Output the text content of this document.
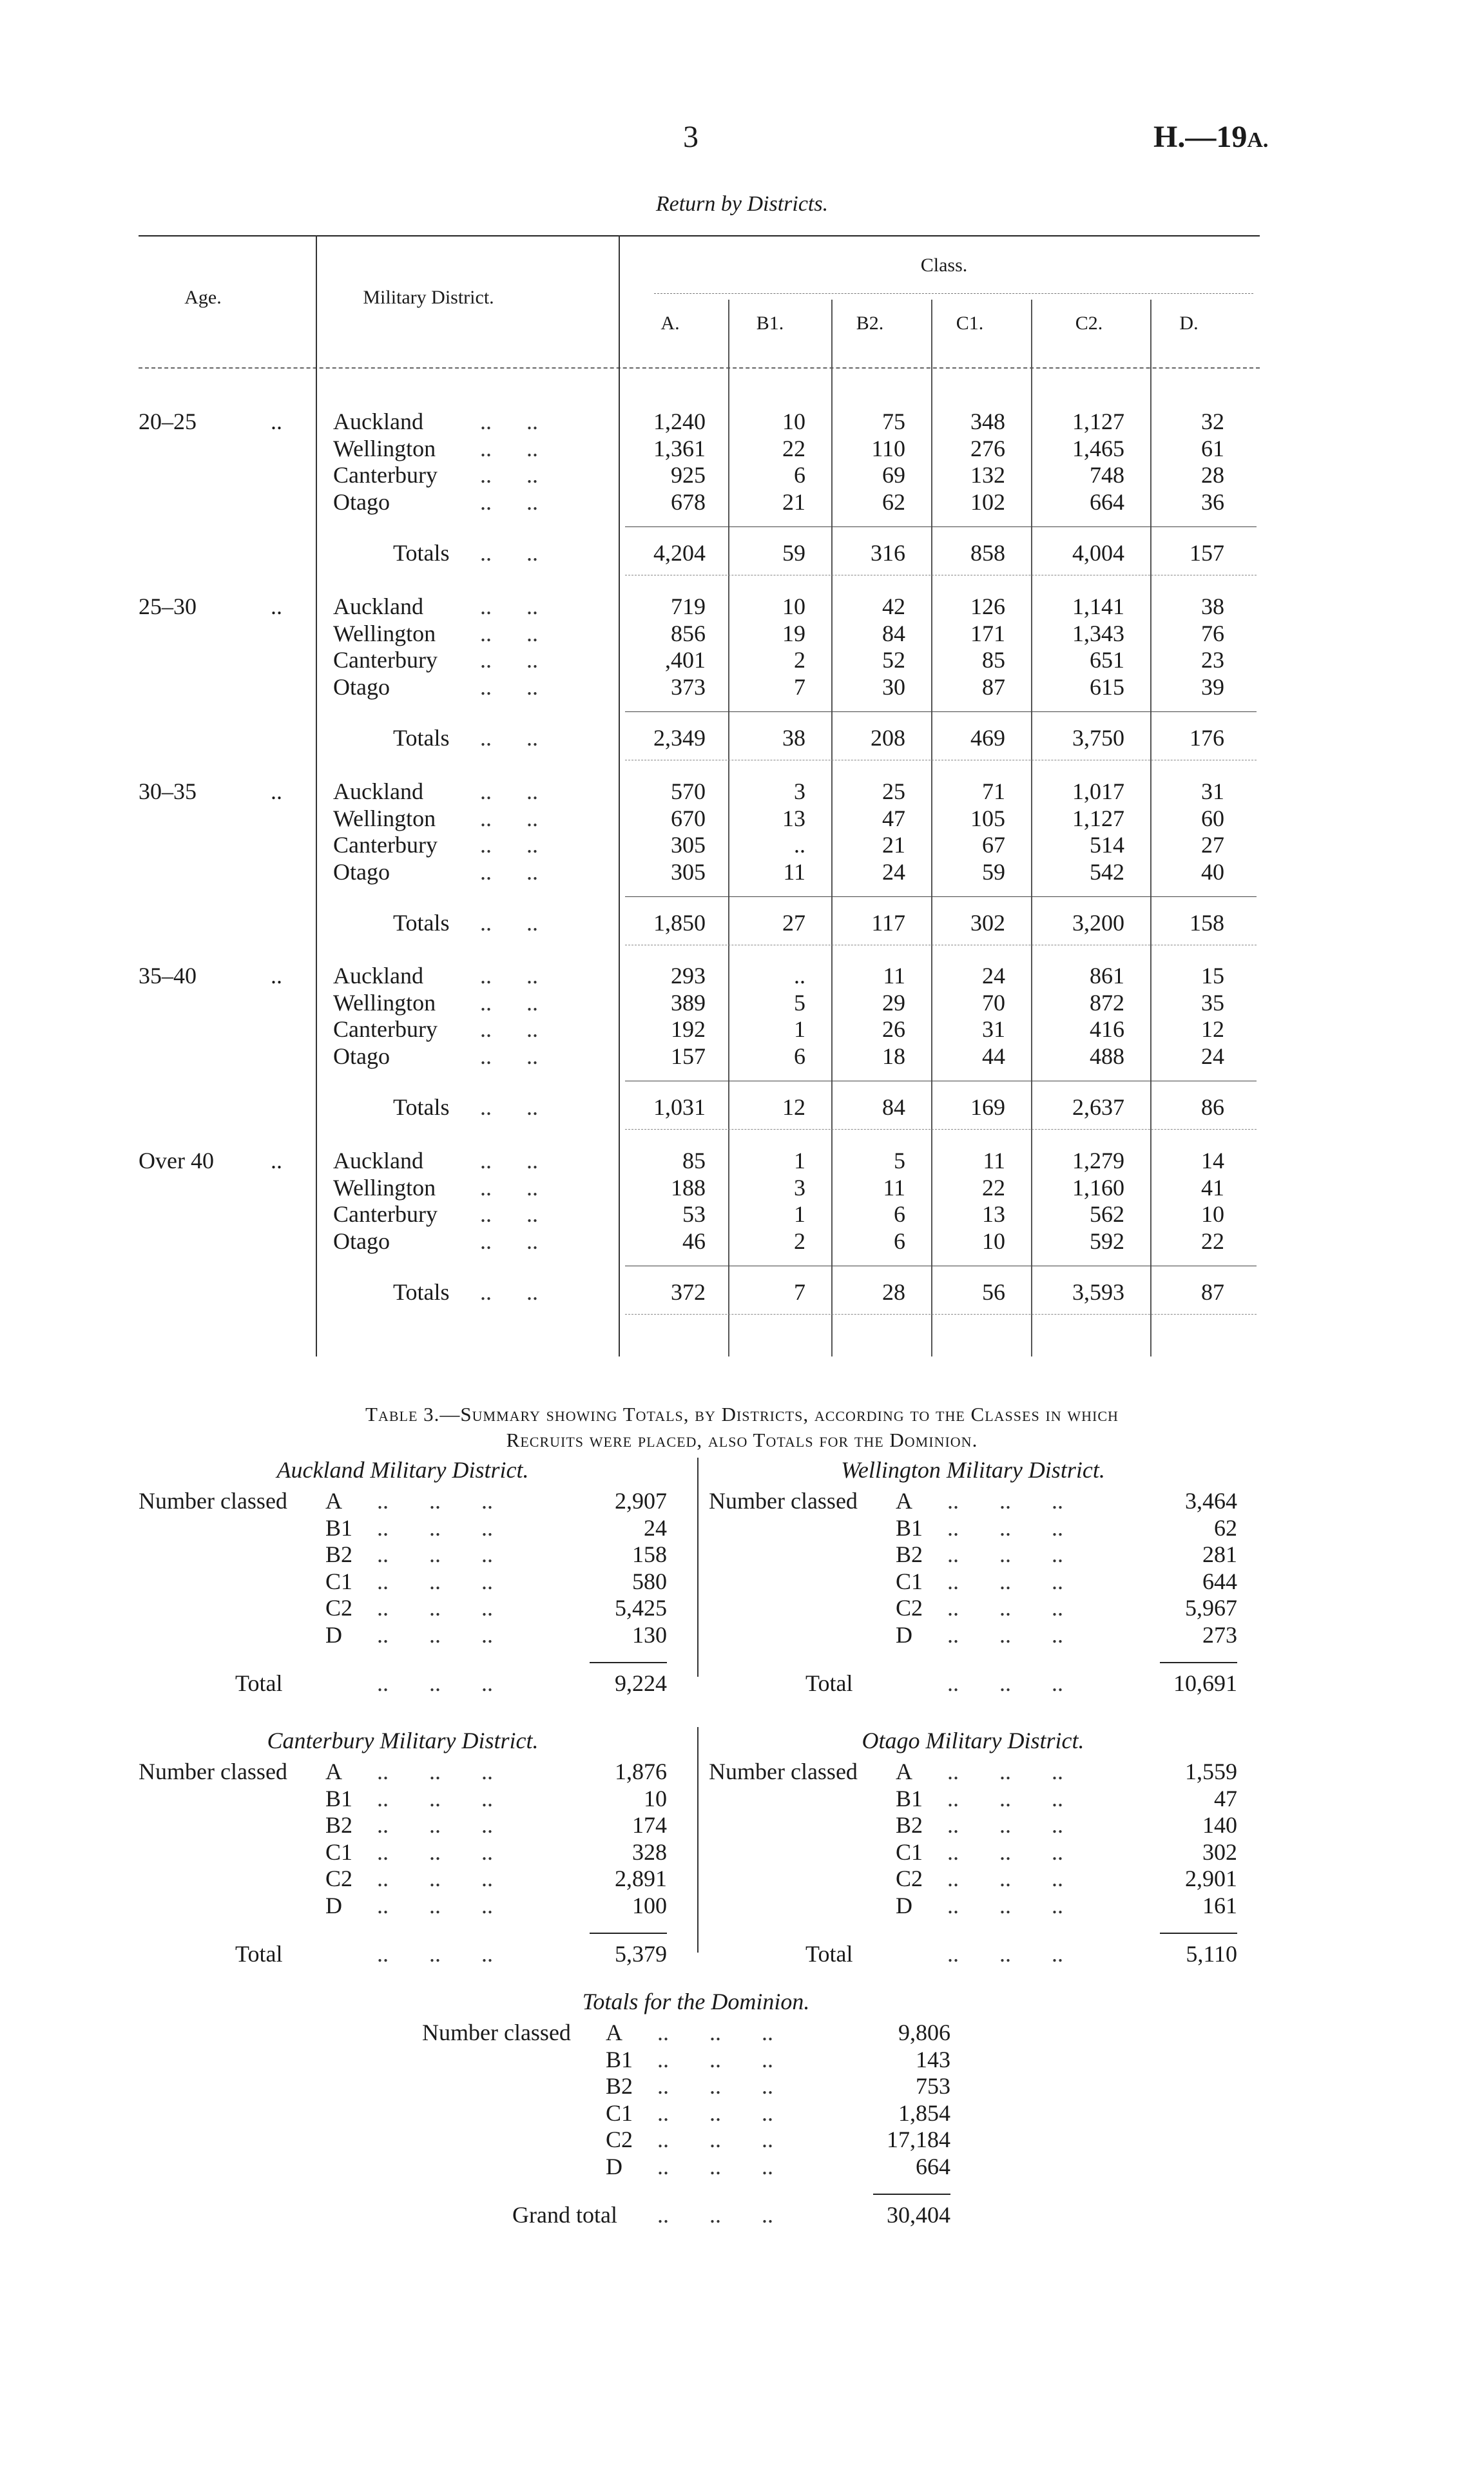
3	H.—19A.
Return by Districts.
Age.	Military District.
Class.
A.	B1.	B2.	C1.	C2.	D.
20–25	..	Auckland	..      ..	1,240	10	75	348	1,127	32
Wellington	..      ..	1,361	22	110	276	1,465	61
Canterbury	..      ..	925	6	69	132	748	28
Otago	..      ..	678	21	62	102	664	36
Totals	..      ..	4,204	59	316	858	4,004	157
25–30	..	Auckland	..      ..	719	10	42	126	1,141	38
Wellington	..      ..	856	19	84	171	1,343	76
Canterbury	..      ..	,401	2	52	85	651	23
Otago	..      ..	373	7	30	87	615	39
Totals	..      ..	2,349	38	208	469	3,750	176
30–35	..	Auckland	..      ..	570	3	25	71	1,017	31
Wellington	..      ..	670	13	47	105	1,127	60
Canterbury	..      ..	305	..	21	67	514	27
Otago	..      ..	305	11	24	59	542	40
Totals	..      ..	1,850	27	117	302	3,200	158
35–40	..	Auckland	..      ..	293	..	11	24	861	15
Wellington	..      ..	389	5	29	70	872	35
Canterbury	..      ..	192	1	26	31	416	12
Otago	..      ..	157	6	18	44	488	24
Totals	..      ..	1,031	12	84	169	2,637	86
Over 40	..	Auckland	..      ..	85	1	5	11	1,279	14
Wellington	..      ..	188	3	11	22	1,160	41
Canterbury	..      ..	53	1	6	13	562	10
Otago	..      ..	46	2	6	10	592	22
Totals	..      ..	372	7	28	56	3,593	87
Table 3.—Summary showing Totals, by Districts, according to the Classes in which
Recruits were placed, also Totals for the Dominion.
Auckland Military District.
Number classed A	..       ..       ..	2,907
B1	..       ..       ..	24
B2	..       ..       ..	158
C1	..       ..       ..	580
C2	..       ..       ..	5,425
D	..       ..       ..	130
Total	..       ..       ..	9,224
Wellington Military District.
Number classed A	..       ..       ..	3,464
B1	..       ..       ..	62
B2	..       ..       ..	281
C1	..       ..       ..	644
C2	..       ..       ..	5,967
D	..       ..       ..	273
Total	..       ..       ..	10,691
Canterbury Military District.
Number classed A	..       ..       ..	1,876
B1	..       ..       ..	10
B2	..       ..       ..	174
C1	..       ..       ..	328
C2	..       ..       ..	2,891
D	..       ..       ..	100
Total	..       ..       ..	5,379
Otago Military District.
Number classed A	..       ..       ..	1,559
B1	..       ..       ..	47
B2	..       ..       ..	140
C1	..       ..       ..	302
C2	..       ..       ..	2,901
D	..       ..       ..	161
Total	..       ..       ..	5,110
Totals for the Dominion.
Number classed A	..       ..       ..	9,806
B1	..       ..       ..	143
B2	..       ..       ..	753
C1	..       ..       ..	1,854
C2	..       ..       ..	17,184
D	..       ..       ..	664
Grand total ..       ..       ..	30,404
